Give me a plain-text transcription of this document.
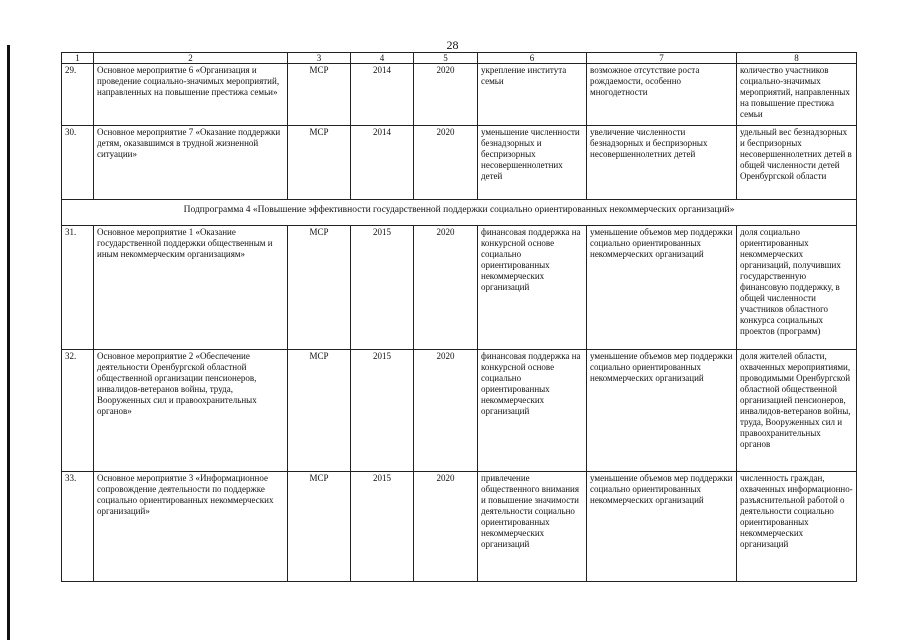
28
1	2	3	4	5	6	7	8
29.	Основное мероприятие 6 «Организация и проведение социально-значимых мероприятий, направленных на повышение престижа семьи»	МСР	2014	2020	укрепление института семьи	возможное отсутствие роста рождаемости, особенно многодетности	количество участников социально-значимых мероприятий, направленных на повышение престижа семьи
30.	Основное мероприятие 7 «Оказание поддержки детям, оказавшимся в трудной жизненной ситуации»	МСР	2014	2020	уменьшение численности безнадзорных и беспризорных несовершеннолетних детей	увеличение численности безнадзорных и беспризорных несовершеннолетних детей	удельный вес безнадзорных и беспризорных несовершеннолетних детей в общей численности детей Оренбургской области
Подпрограмма 4 «Повышение эффективности государственной поддержки социально ориентированных некоммерческих организаций»							
31.	Основное мероприятие 1 «Оказание государственной поддержки общественным и иным некоммерческим организациям»	МСР	2015	2020	финансовая поддержка на конкурсной основе социально ориентированных некоммерческих организаций	уменьшение объемов мер поддержки социально ориентированных некоммерческих организаций	доля социально ориентированных некоммерческих организаций, получивших государственную финансовую поддержку, в общей численности участников областного конкурса социальных проектов (программ)
32.	Основное мероприятие 2 «Обеспечение деятельности Оренбургской областной общественной организации пенсионеров, инвалидов-ветеранов войны, труда, Вооруженных сил и правоохранительных органов»	МСР	2015	2020	финансовая поддержка на конкурсной основе социально ориентированных некоммерческих организаций	уменьшение объемов мер поддержки социально ориентированных некоммерческих организаций	доля жителей области, охваченных мероприятиями, проводимыми Оренбургской областной общественной организацией пенсионеров, инвалидов-ветеранов войны, труда, Вооруженных сил и правоохранительных органов
33.	Основное мероприятие 3 «Информационное сопровождение деятельности по поддержке социально ориентированных некоммерческих организаций»	МСР	2015	2020	привлечение общественного внимания и повышение значимости деятельности социально ориентированных некоммерческих организаций	уменьшение объемов мер поддержки социально ориентированных некоммерческих организаций	численность граждан, охваченных информационно-разъяснительной работой о деятельности социально ориентированных некоммерческих организаций
